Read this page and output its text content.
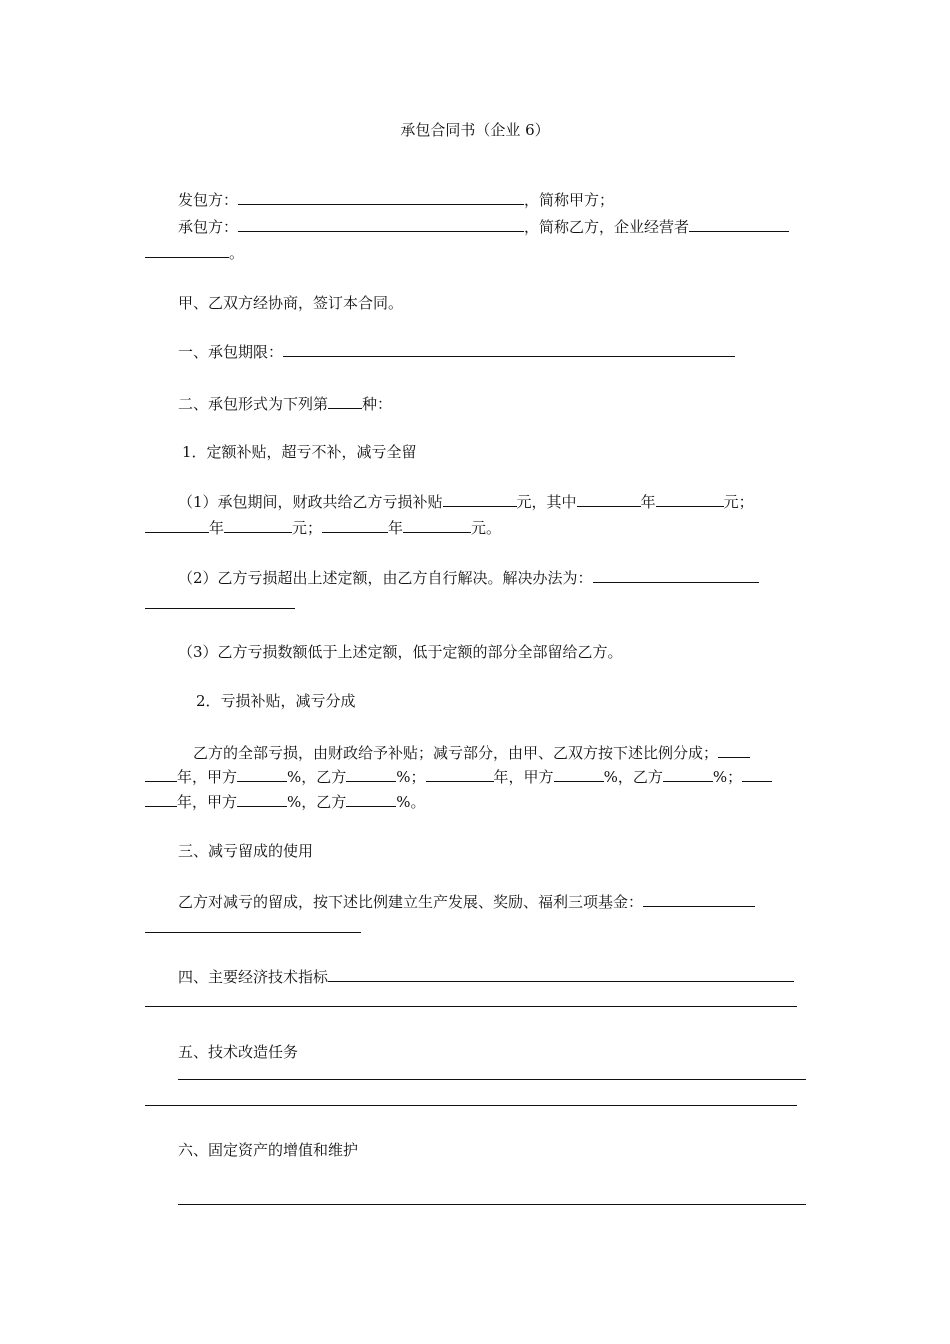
承包合同书（企业 6）
发包方：	，简称甲方；
承包方：	，简称乙方，企业经营者
。
甲、乙双方经协商，签订本合同。
一、承包期限：
二、承包形式为下列第 种：
1．定额补贴，超亏不补，减亏全留
（1）承包期间，财政共给乙方亏损补贴	元，其中	年	元；
年	元；	年	元。
（2）乙方亏损超出上述定额，由乙方自行解决。解决办法为：
（3）乙方亏损数额低于上述定额，低于定额的部分全部留给乙方。
2．亏损补贴，减亏分成
乙方的全部亏损，由财政给予补贴；减亏部分，由甲、乙双方按下述比例分成；
年，甲方	%，乙方	%；	年，甲方	%，乙方	%；
年，甲方	%，乙方	%。
三、减亏留成的使用
乙方对减亏的留成，按下述比例建立生产发展、奖励、福利三项基金：
四、主要经济技术指标
五、技术改造任务
六、固定资产的增值和维护
